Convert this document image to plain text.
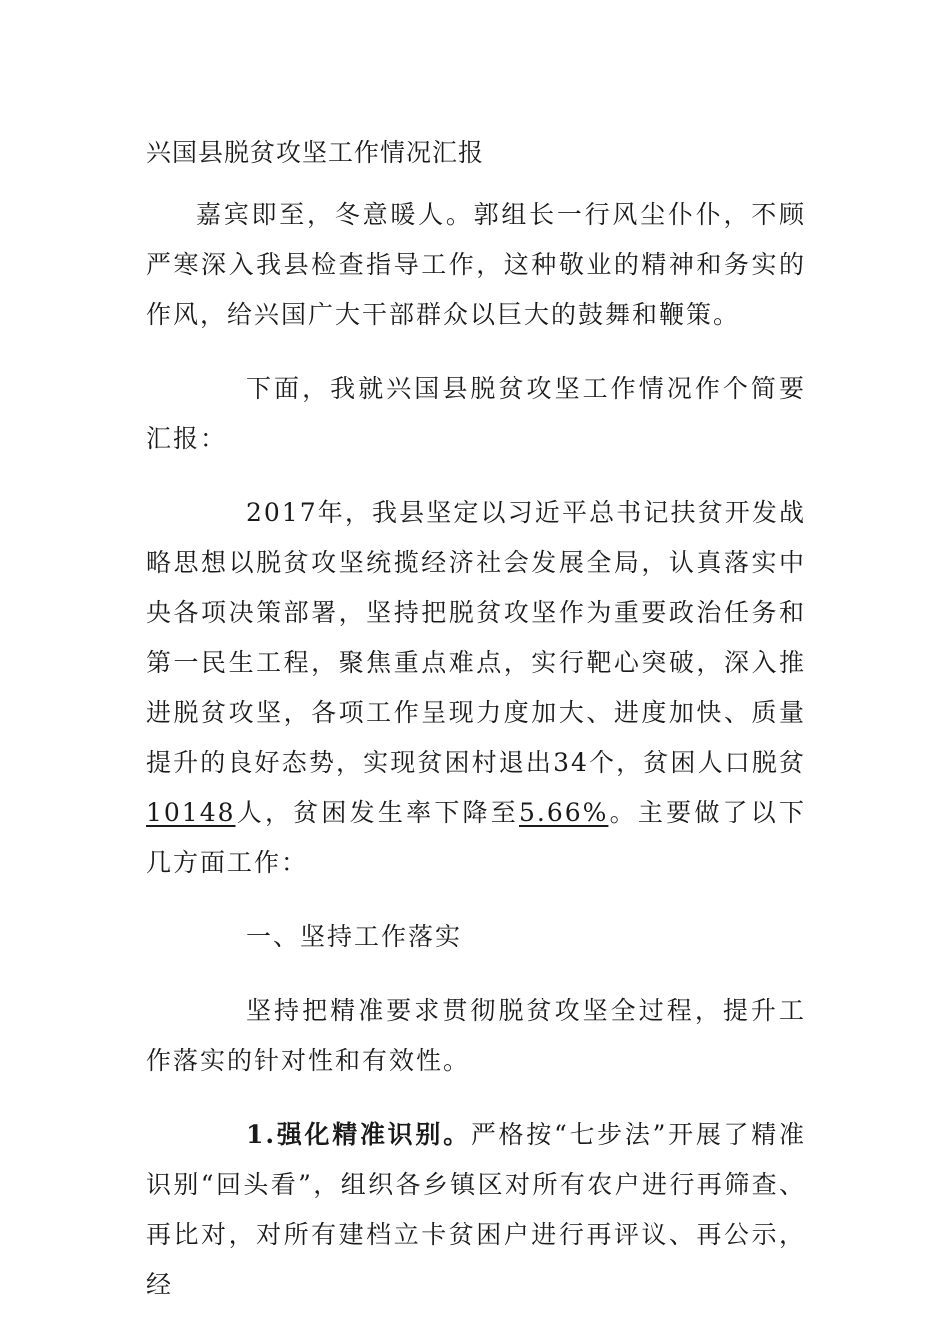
兴国县脱贫攻坚工作情况汇报

嘉宾即至，冬意暖人。郭组长一行风尘仆仆，不顾严寒深入我县检查指导工作，这种敬业的精神和务实的作风，给兴国广大干部群众以巨大的鼓舞和鞭策。

下面，我就兴国县脱贫攻坚工作情况作个简要汇报：

2017年，我县坚定以习近平总书记扶贫开发战略思想以脱贫攻坚统揽经济社会发展全局，认真落实中央各项决策部署，坚持把脱贫攻坚作为重要政治任务和第一民生工程，聚焦重点难点，实行靶心突破，深入推进脱贫攻坚，各项工作呈现力度加大、进度加快、质量提升的良好态势，实现贫困村退出34个，贫困人口脱贫10148人，贫困发生率下降至5.66%。主要做了以下几方面工作：

一、坚持工作落实

坚持把精准要求贯彻脱贫攻坚全过程，提升工作落实的针对性和有效性。

1.强化精准识别。严格按“七步法”开展了精准识别“回头看”，组织各乡镇区对所有农户进行再筛查、再比对，对所有建档立卡贫困户进行再评议、再公示，经
